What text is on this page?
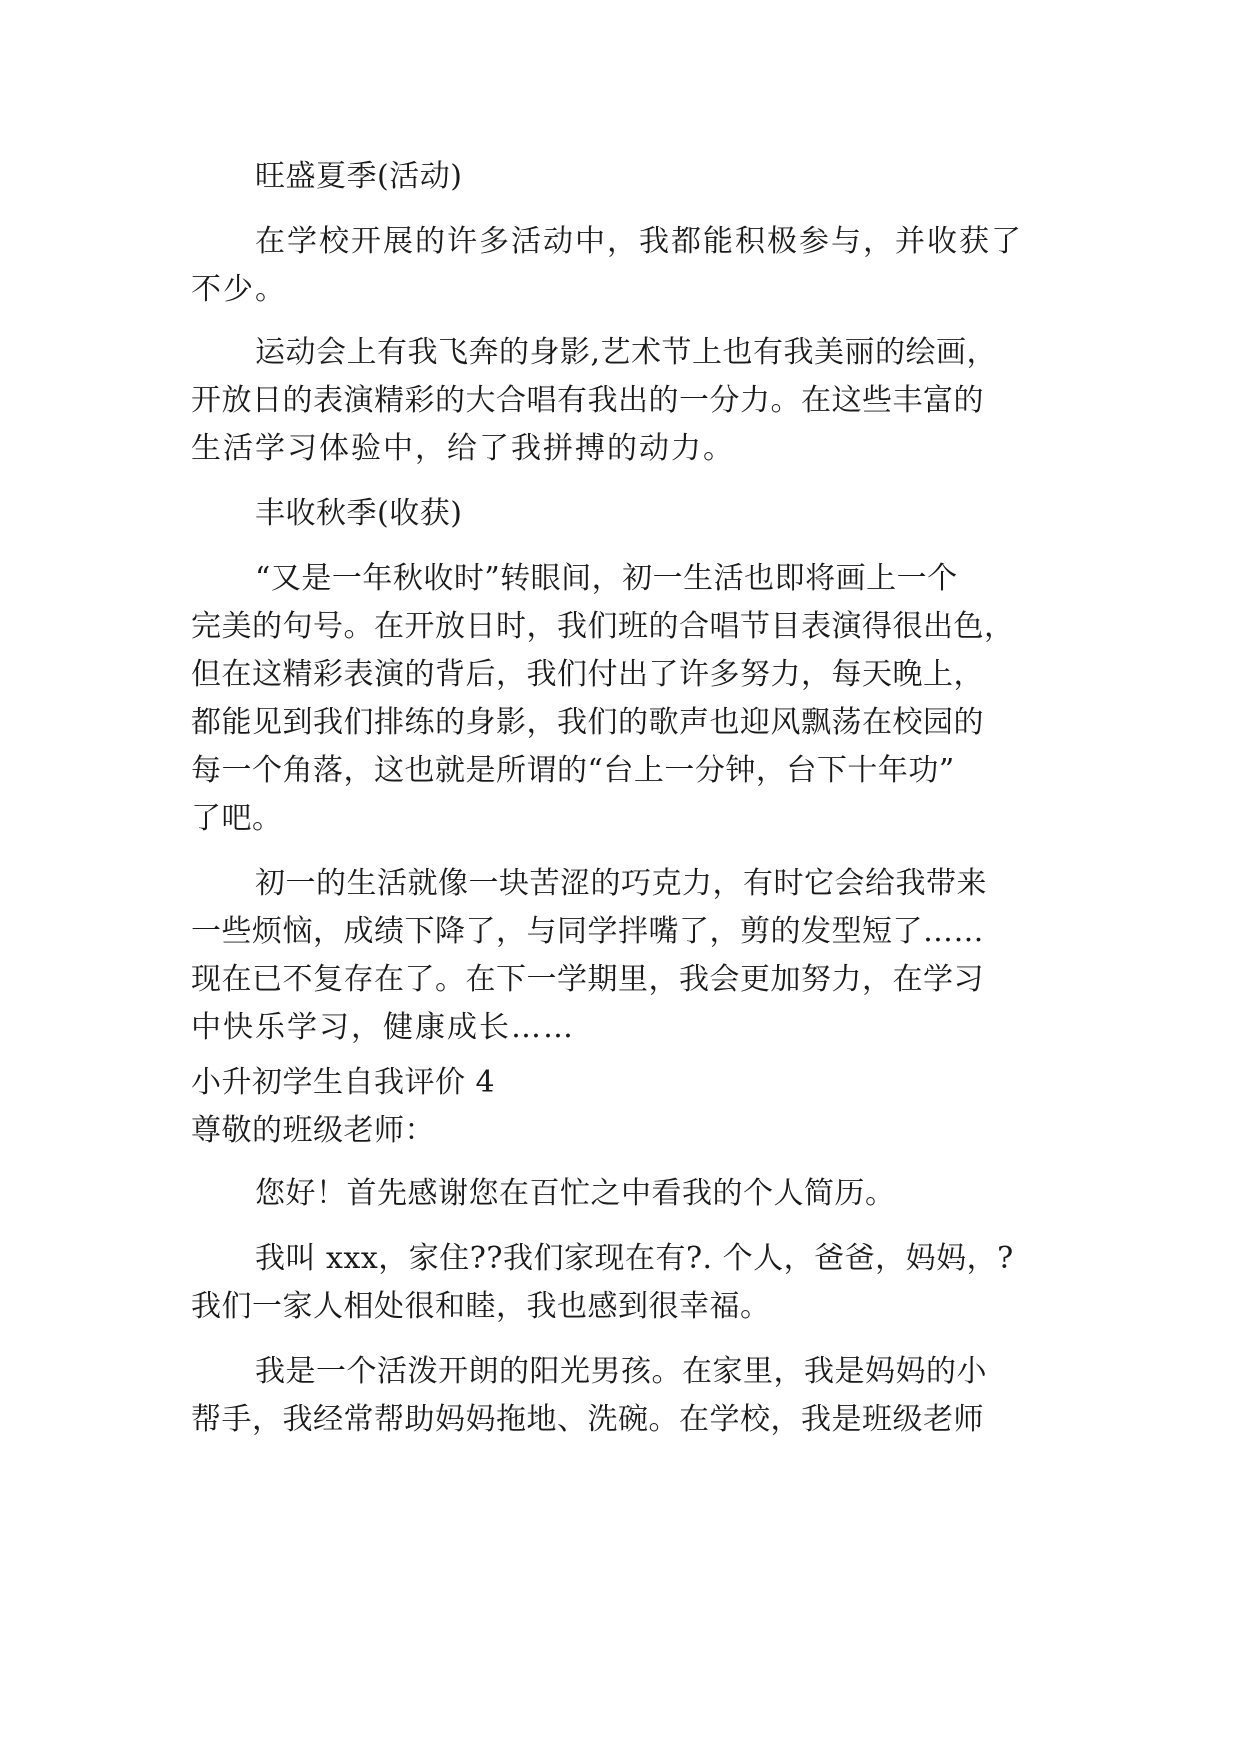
旺盛夏季(活动)
在学校开展的许多活动中，我都能积极参与，并收获了
不少。
运动会上有我飞奔的身影,艺术节上也有我美丽的绘画，
开放日的表演精彩的大合唱有我出的一分力。在这些丰富的
生活学习体验中，给了我拼搏的动力。
丰收秋季(收获)
“又是一年秋收时”转眼间，初一生活也即将画上一个
完美的句号。在开放日时，我们班的合唱节目表演得很出色，
但在这精彩表演的背后，我们付出了许多努力，每天晚上，
都能见到我们排练的身影，我们的歌声也迎风飘荡在校园的
每一个角落，这也就是所谓的“台上一分钟，台下十年功”
了吧。
初一的生活就像一块苦涩的巧克力，有时它会给我带来
一些烦恼，成绩下降了，与同学拌嘴了，剪的发型短了……
现在已不复存在了。在下一学期里，我会更加努力，在学习
中快乐学习，健康成长……
小升初学生自我评价 4
尊敬的班级老师：
您好！首先感谢您在百忙之中看我的个人简历。
我叫 xxx，家住??我们家现在有?. 个人，爸爸，妈妈，?
我们一家人相处很和睦，我也感到很幸福。
我是一个活泼开朗的阳光男孩。在家里，我是妈妈的小
帮手，我经常帮助妈妈拖地、洗碗。在学校，我是班级老师
